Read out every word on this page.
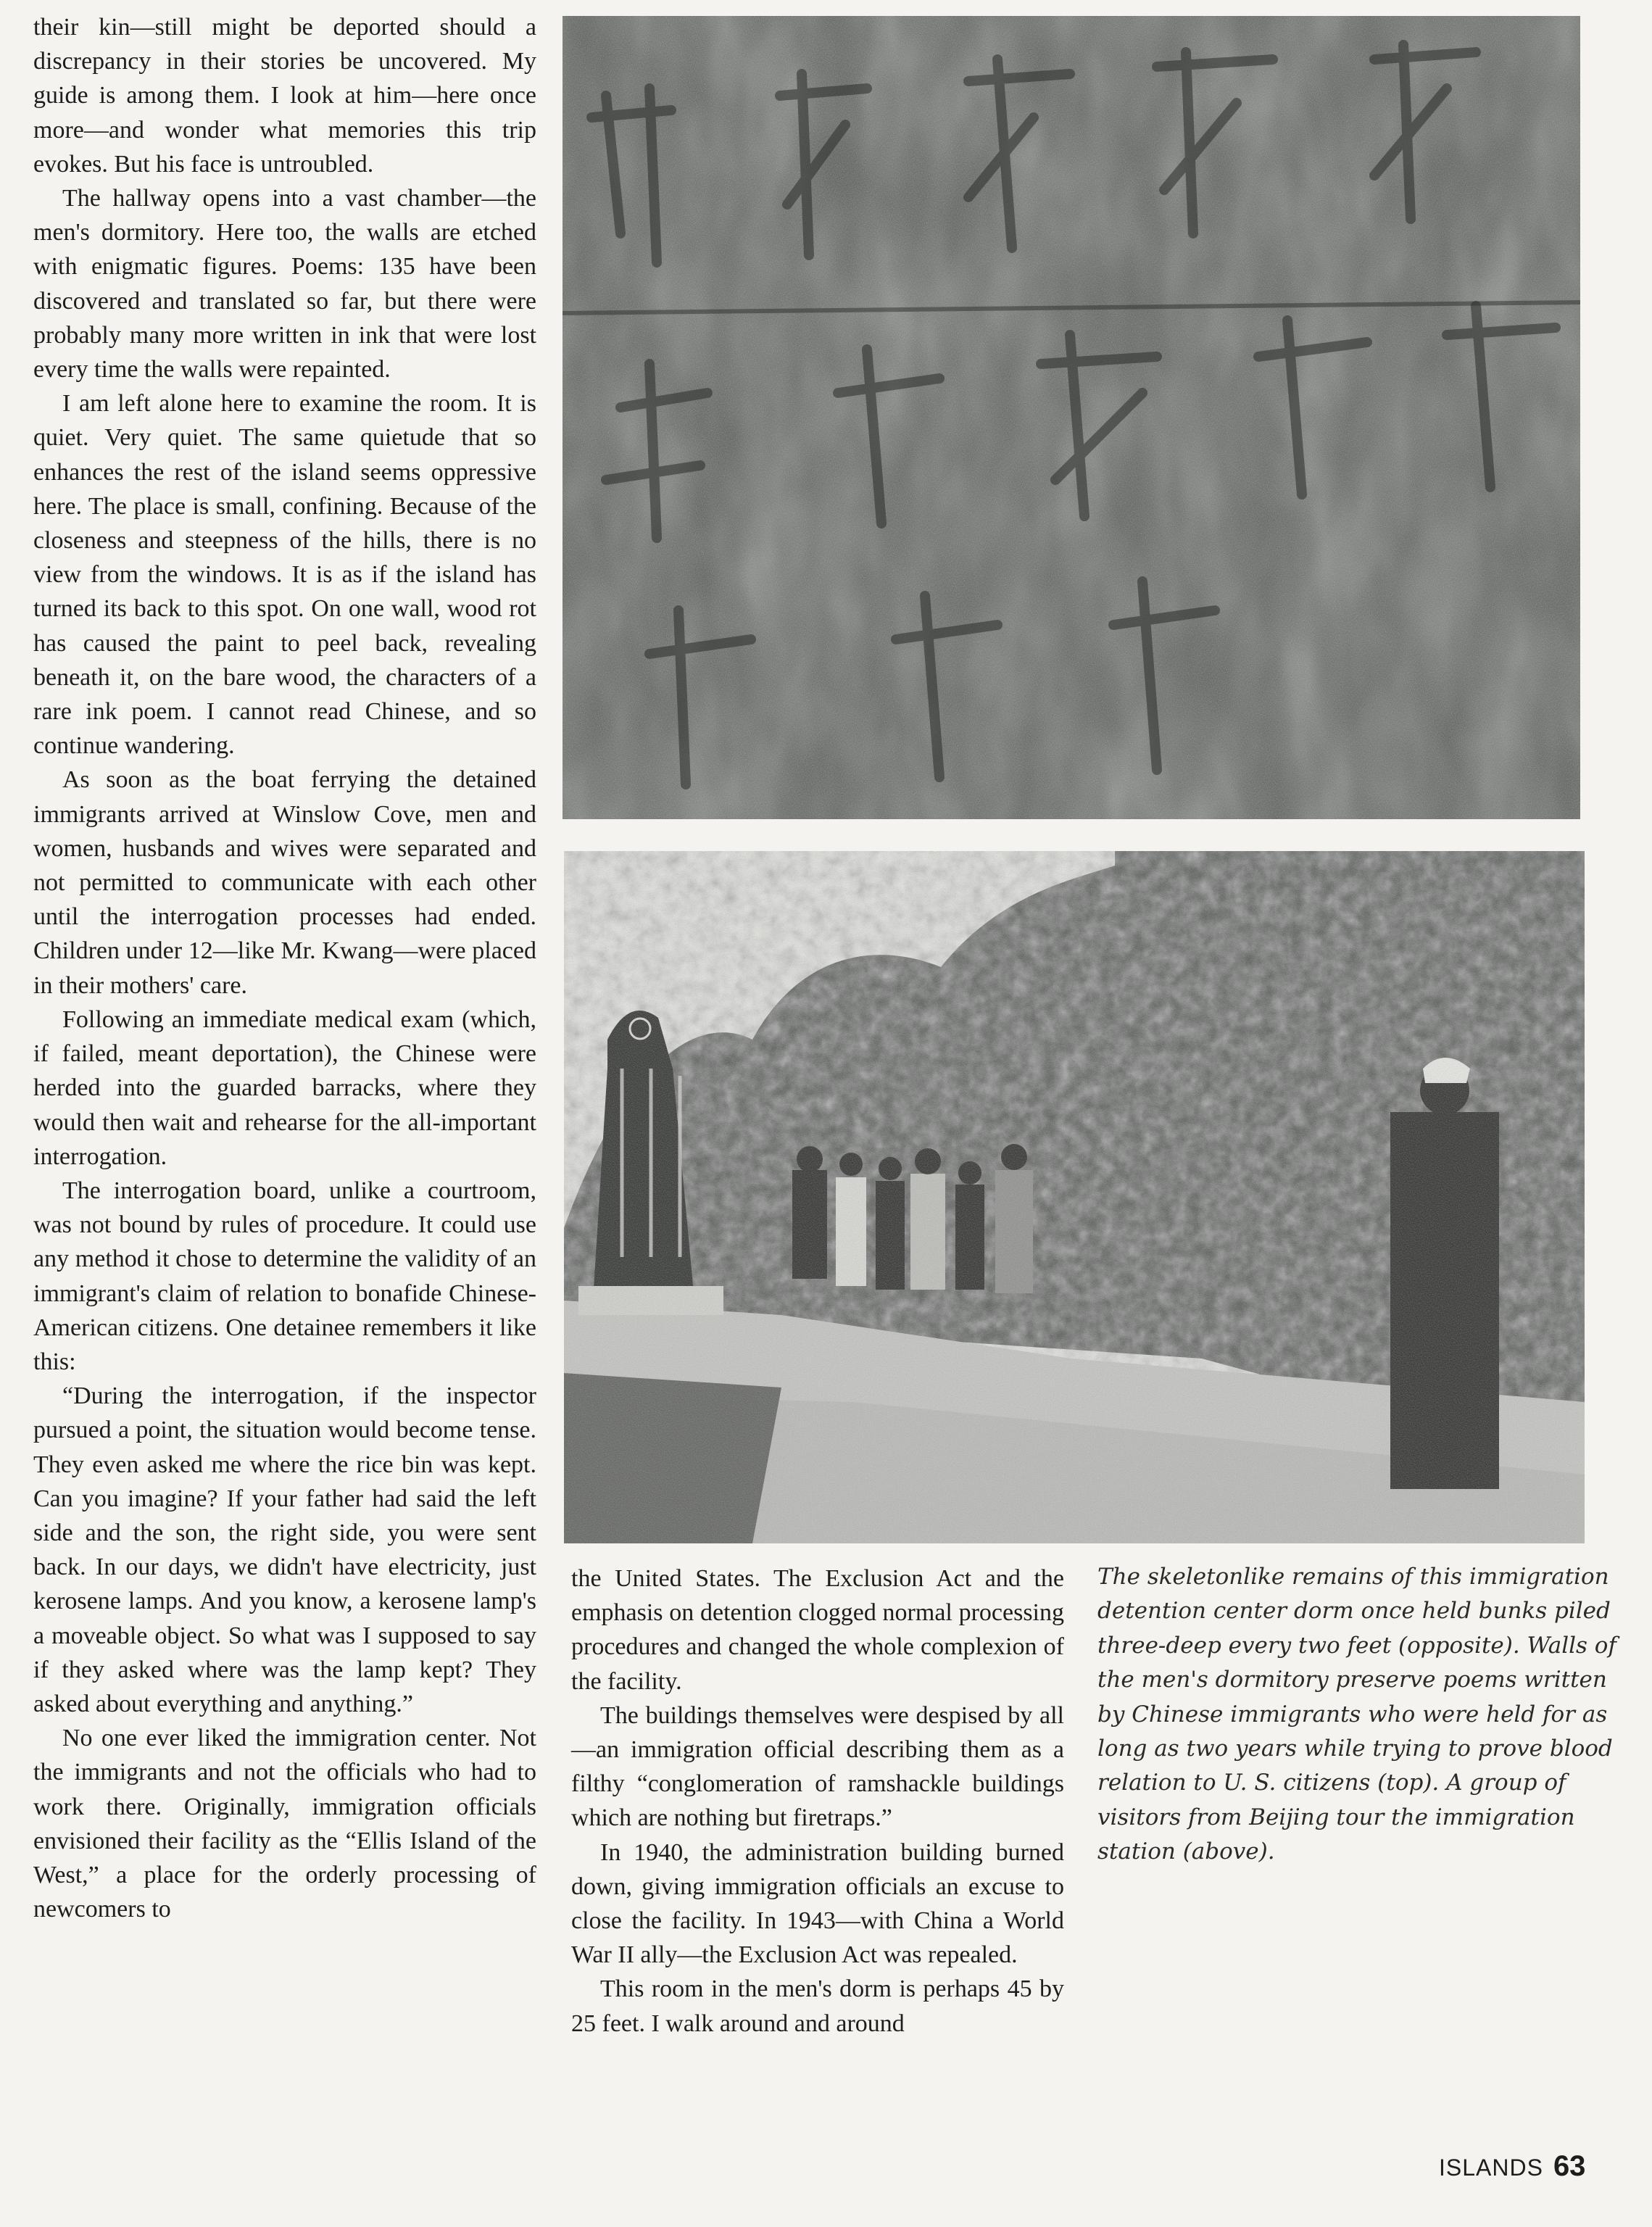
their kin—still might be deported should a discrepancy in their stories be uncovered. My guide is among them. I look at him—here once more—and wonder what memories this trip evokes. But his face is untroubled.

The hallway opens into a vast chamber—the men's dormitory. Here too, the walls are etched with enigmatic figures. Poems: 135 have been discovered and translated so far, but there were probably many more written in ink that were lost every time the walls were repainted.

I am left alone here to examine the room. It is quiet. Very quiet. The same quietude that so enhances the rest of the island seems oppressive here. The place is small, confining. Because of the closeness and steepness of the hills, there is no view from the windows. It is as if the island has turned its back to this spot. On one wall, wood rot has caused the paint to peel back, revealing beneath it, on the bare wood, the characters of a rare ink poem. I cannot read Chinese, and so continue wandering.

As soon as the boat ferrying the detained immigrants arrived at Winslow Cove, men and women, husbands and wives were separated and not permitted to communicate with each other until the interrogation processes had ended. Children under 12—like Mr. Kwang—were placed in their mothers' care.

Following an immediate medical exam (which, if failed, meant deportation), the Chinese were herded into the guarded barracks, where they would then wait and rehearse for the all-important interrogation.

The interrogation board, unlike a courtroom, was not bound by rules of procedure. It could use any method it chose to determine the validity of an immigrant's claim of relation to bonafide Chinese-American citizens. One detainee remembers it like this:

“During the interrogation, if the inspector pursued a point, the situation would become tense. They even asked me where the rice bin was kept. Can you imagine? If your father had said the left side and the son, the right side, you were sent back. In our days, we didn't have electricity, just kerosene lamps. And you know, a kerosene lamp's a moveable object. So what was I supposed to say if they asked where was the lamp kept? They asked about everything and anything.”

No one ever liked the immigration center. Not the immigrants and not the officials who had to work there. Originally, immigration officials envisioned their facility as the “Ellis Island of the West,” a place for the orderly processing of newcomers to

the United States. The Exclusion Act and the emphasis on detention clogged normal processing procedures and changed the whole complexion of the facility.

The buildings themselves were despised by all—an immigration official describing them as a filthy “conglomeration of ramshackle buildings which are nothing but firetraps.”

In 1940, the administration building burned down, giving immigration officials an excuse to close the facility. In 1943—with China a World War II ally—the Exclusion Act was repealed.

This room in the men's dorm is perhaps 45 by 25 feet. I walk around and around

The skeletonlike remains of this immigration detention center dorm once held bunks piled three-deep every two feet (opposite). Walls of the men's dormitory preserve poems written by Chinese immigrants who were held for as long as two years while trying to prove blood relation to U. S. citizens (top). A group of visitors from Beijing tour the immigration station (above).
ISLANDS 63
